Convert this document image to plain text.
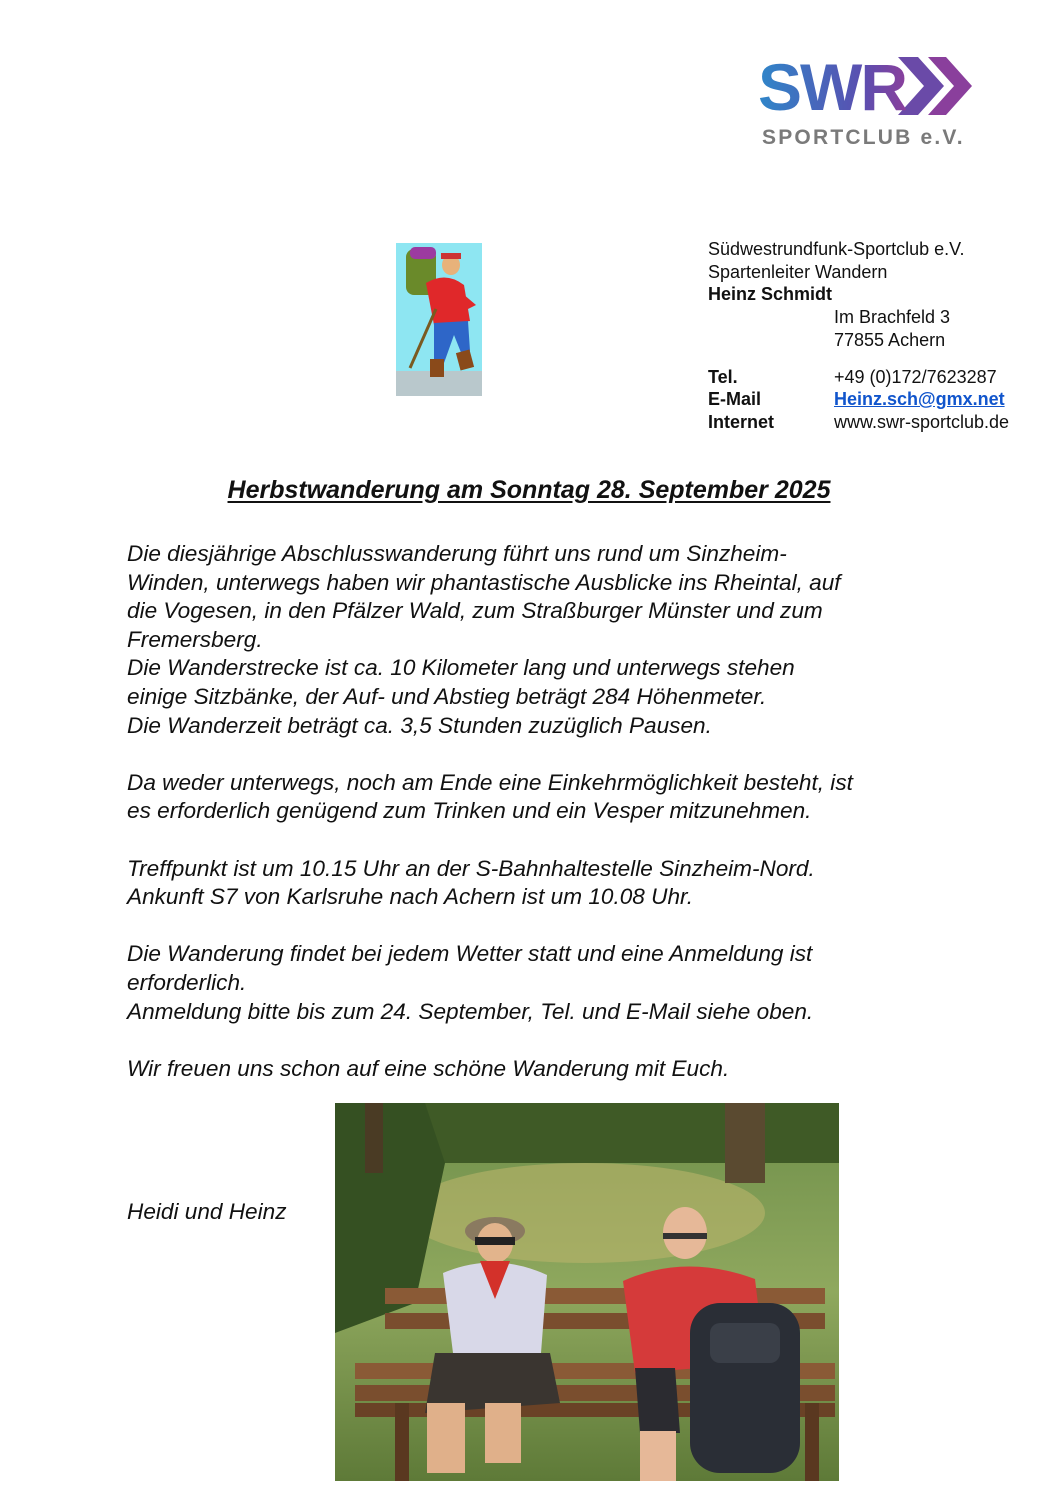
SWR
SPORTCLUB e.V.
Südwestrundfunk-Sportclub e.V.
Spartenleiter Wandern
Heinz Schmidt
Im Brachfeld 3
77855 Achern
Tel.	+49 (0)172/7623287
E-Mail	Heinz.sch@gmx.net
Internet	www.swr-sportclub.de
Herbstwanderung am Sonntag 28. September 2025

Die diesjährige Abschlusswanderung führt uns rund um Sinzheim-

Winden, unterwegs haben wir phantastische Ausblicke ins Rheintal, auf

die Vogesen, in den Pfälzer Wald, zum Straßburger Münster und zum

Fremersberg.

Die Wanderstrecke ist ca. 10 Kilometer lang und unterwegs stehen

einige Sitzbänke, der Auf- und Abstieg beträgt 284 Höhenmeter.

Die Wanderzeit beträgt ca. 3,5 Stunden zuzüglich Pausen.

Da weder unterwegs, noch am Ende eine Einkehrmöglichkeit besteht, ist

es erforderlich genügend zum Trinken und ein Vesper mitzunehmen.

Treffpunkt ist um 10.15 Uhr an der S-Bahnhaltestelle Sinzheim-Nord.

Ankunft S7 von Karlsruhe nach Achern ist um 10.08 Uhr.

Die Wanderung findet bei jedem Wetter statt und eine Anmeldung ist

erforderlich.

Anmeldung bitte bis zum 24. September, Tel. und E-Mail siehe oben.

Wir freuen uns schon auf eine schöne Wanderung mit Euch.

Heidi und Heinz
